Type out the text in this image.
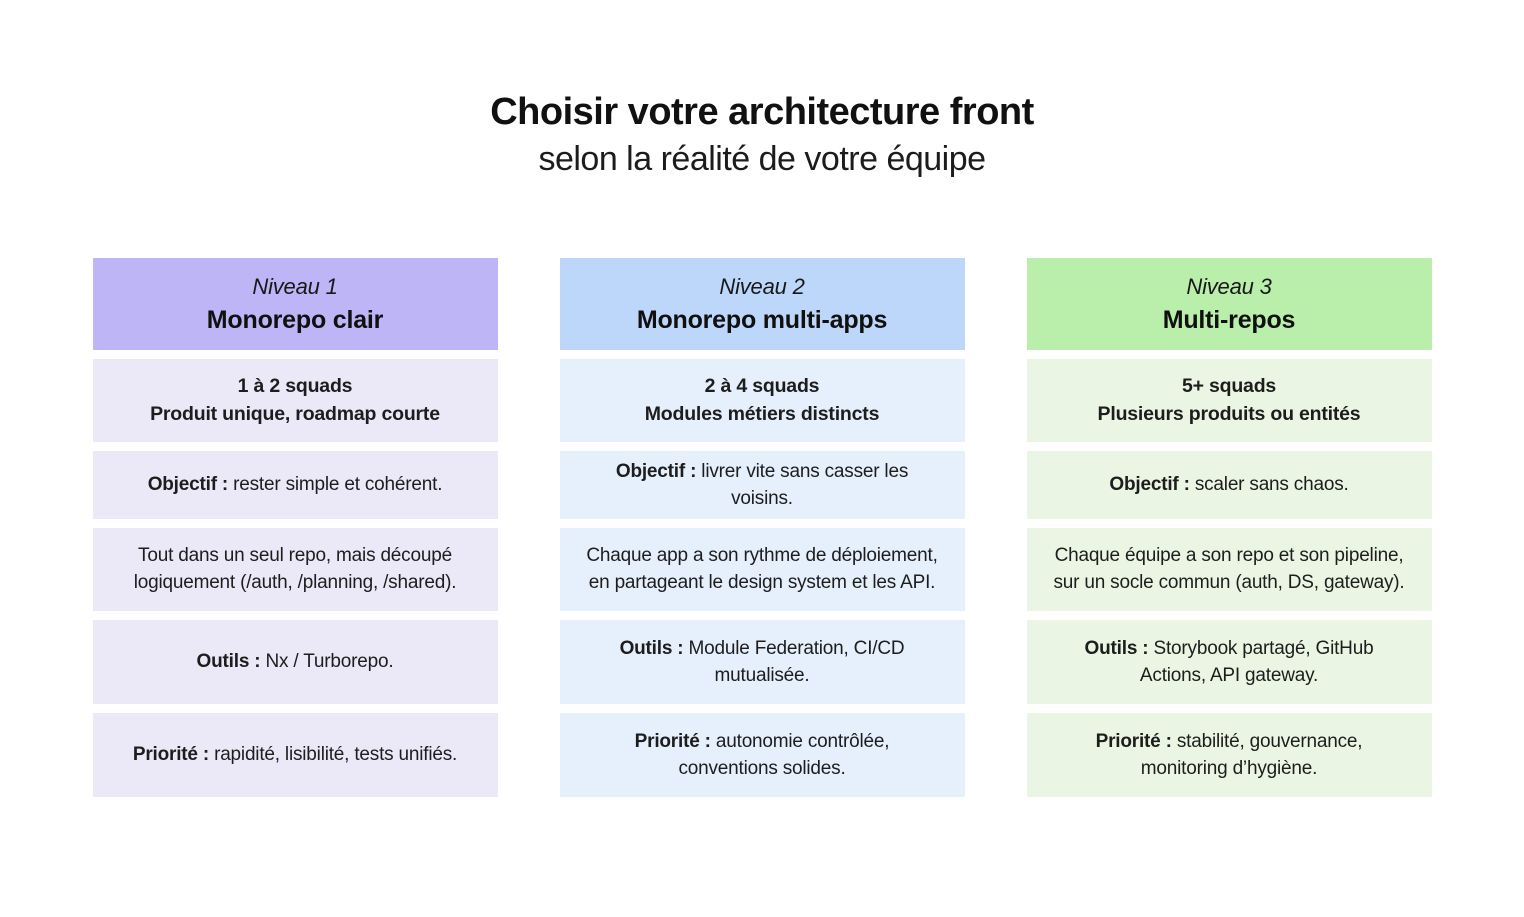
Choisir votre architecture front
selon la réalité de votre équipe
Niveau 1
Monorepo clair
Niveau 2
Monorepo multi-apps
Niveau 3
Multi-repos
1 à 2 squads
Produit unique, roadmap courte
2 à 4 squads
Modules métiers distincts
5+ squads
Plusieurs produits ou entités

Objectif : rester simple et cohérent.

Objectif : livrer vite sans casser les voisins.

Objectif : scaler sans chaos.

Tout dans un seul repo, mais découpé logiquement (/auth, /planning, /shared).

Chaque app a son rythme de déploiement, en partageant le design system et les API.

Chaque équipe a son repo et son pipeline, sur un socle commun (auth, DS, gateway).

Outils : Nx / Turborepo.

Outils : Module Federation, CI/CD mutualisée.

Outils : Storybook partagé, GitHub Actions, API gateway.

Priorité : rapidité, lisibilité, tests unifiés.

Priorité : autonomie contrôlée, conventions solides.

Priorité : stabilité, gouvernance, monitoring d’hygiène.
